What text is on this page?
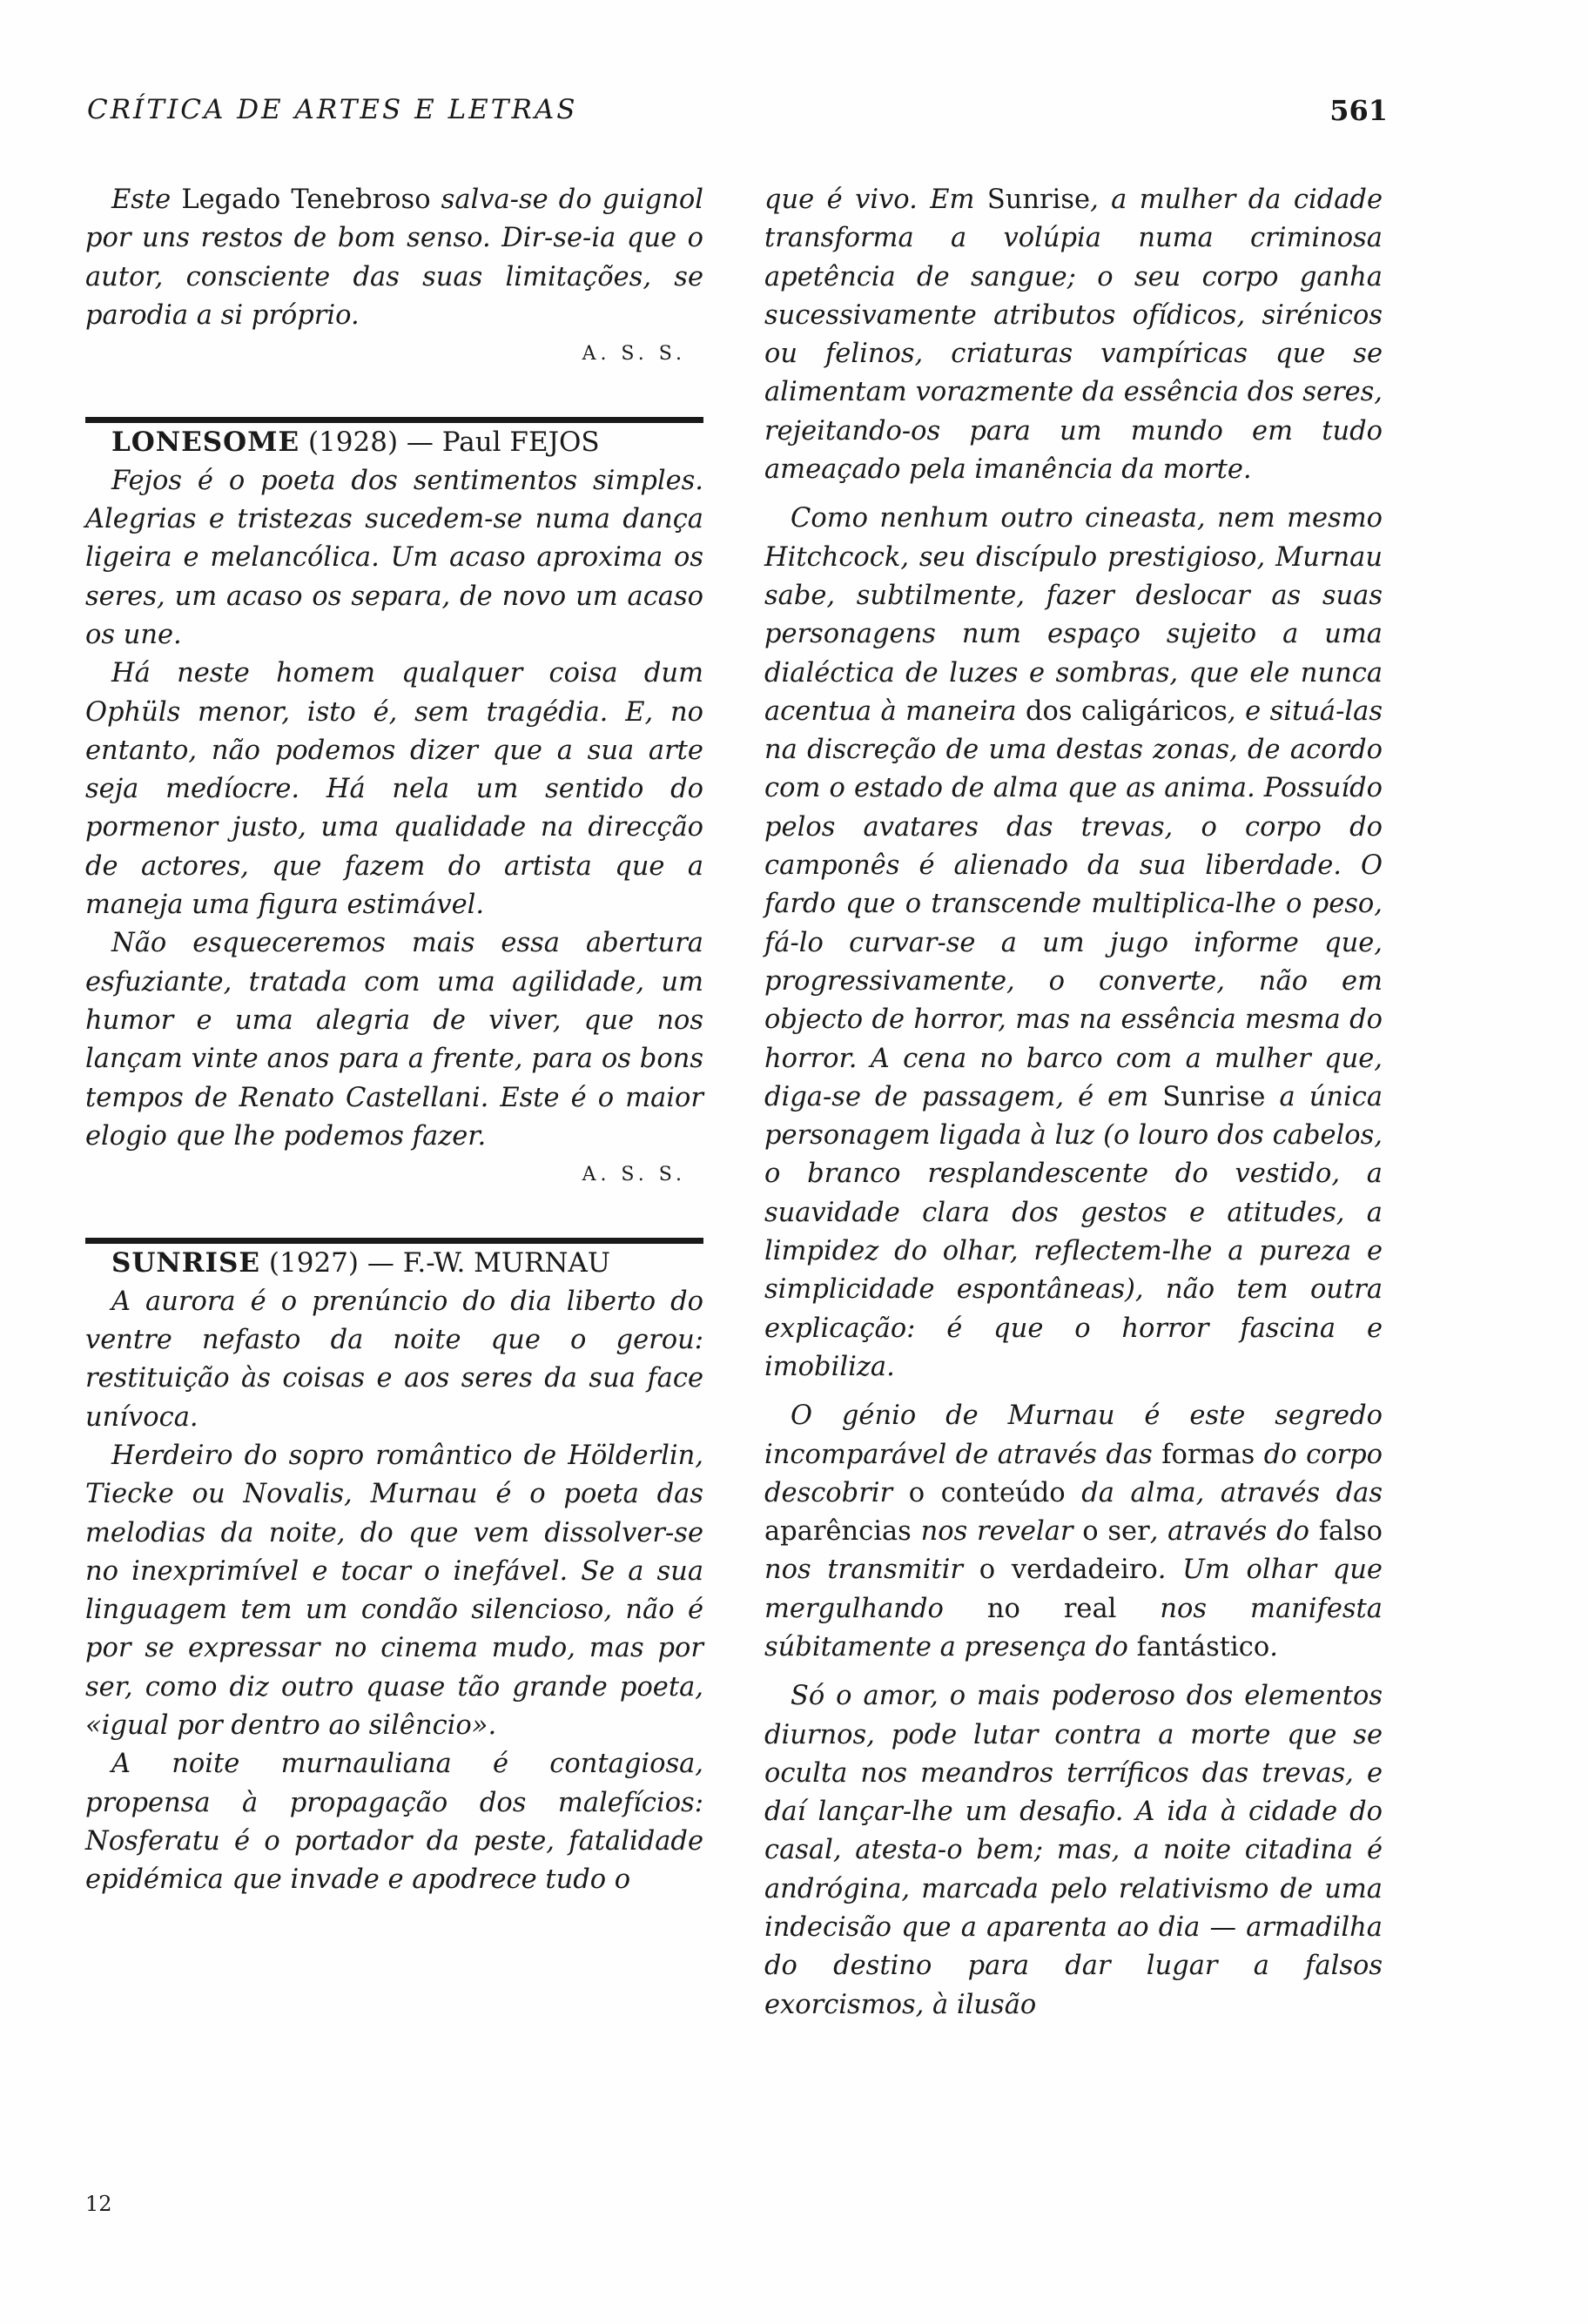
CRÍTICA DE ARTES E LETRAS	561

Este Legado Tenebroso salva-se do guignol por uns restos de bom senso. Dir-se-ia que o autor, consciente das suas limitações, se parodia a si próprio.

A. S. S.

LONESOME (1928) — Paul FEJOS

Fejos é o poeta dos sentimentos simples. Alegrias e tristezas sucedem-se numa dança ligeira e melancólica. Um acaso aproxima os seres, um acaso os separa, de novo um acaso os une.

Há neste homem qualquer coisa dum Ophüls menor, isto é, sem tragédia. E, no entanto, não podemos dizer que a sua arte seja medíocre. Há nela um sentido do pormenor justo, uma qualidade na direcção de actores, que fazem do artista que a maneja uma figura estimável.

Não esqueceremos mais essa abertura esfuziante, tratada com uma agilidade, um humor e uma alegria de viver, que nos lançam vinte anos para a frente, para os bons tempos de Renato Castellani. Este é o maior elogio que lhe podemos fazer.

A. S. S.

SUNRISE (1927) — F.-W. MURNAU

A aurora é o prenúncio do dia liberto do ventre nefasto da noite que o gerou: restituição às coisas e aos seres da sua face unívoca.

Herdeiro do sopro romântico de Hölderlin, Tiecke ou Novalis, Murnau é o poeta das melodias da noite, do que vem dissolver-se no inexprimível e tocar o inefável. Se a sua linguagem tem um condão silencioso, não é por se expressar no cinema mudo, mas por ser, como diz outro quase tão grande poeta, «igual por dentro ao silêncio».

A noite murnauliana é contagiosa, propensa à propagação dos malefícios: Nosferatu é o portador da peste, fatalidade epidémica que invade e apodrece tudo o

que é vivo. Em Sunrise, a mulher da cidade transforma a volúpia numa criminosa apetência de sangue; o seu corpo ganha sucessivamente atributos ofídicos, sirénicos ou felinos, criaturas vampíricas que se alimentam vorazmente da essência dos seres, rejeitando-os para um mundo em tudo ameaçado pela imanência da morte.

Como nenhum outro cineasta, nem mesmo Hitchcock, seu discípulo prestigioso, Murnau sabe, subtilmente, fazer deslocar as suas personagens num espaço sujeito a uma dialéctica de luzes e sombras, que ele nunca acentua à maneira dos caligáricos, e situá-las na discreção de uma destas zonas, de acordo com o estado de alma que as anima. Possuído pelos avatares das trevas, o corpo do camponês é alienado da sua liberdade. O fardo que o transcende multiplica-lhe o peso, fá-lo curvar-se a um jugo informe que, progressivamente, o converte, não em objecto de horror, mas na essência mesma do horror. A cena no barco com a mulher que, diga-se de passagem, é em Sunrise a única personagem ligada à luz (o louro dos cabelos, o branco resplandescente do vestido, a suavidade clara dos gestos e atitudes, a limpidez do olhar, reflectem-lhe a pureza e simplicidade espontâneas), não tem outra explicação: é que o horror fascina e imobiliza.

O génio de Murnau é este segredo incomparável de através das formas do corpo descobrir o conteúdo da alma, através das aparências nos revelar o ser, através do falso nos transmitir o verdadeiro. Um olhar que mergulhando no real nos manifesta súbitamente a presença do fantástico.

Só o amor, o mais poderoso dos elementos diurnos, pode lutar contra a morte que se oculta nos meandros terríficos das trevas, e daí lançar-lhe um desafio. A ida à cidade do casal, atesta-o bem; mas, a noite citadina é andrógina, marcada pelo relativismo de uma indecisão que a aparenta ao dia — armadilha do destino para dar lugar a falsos exorcismos, à ilusão

12
